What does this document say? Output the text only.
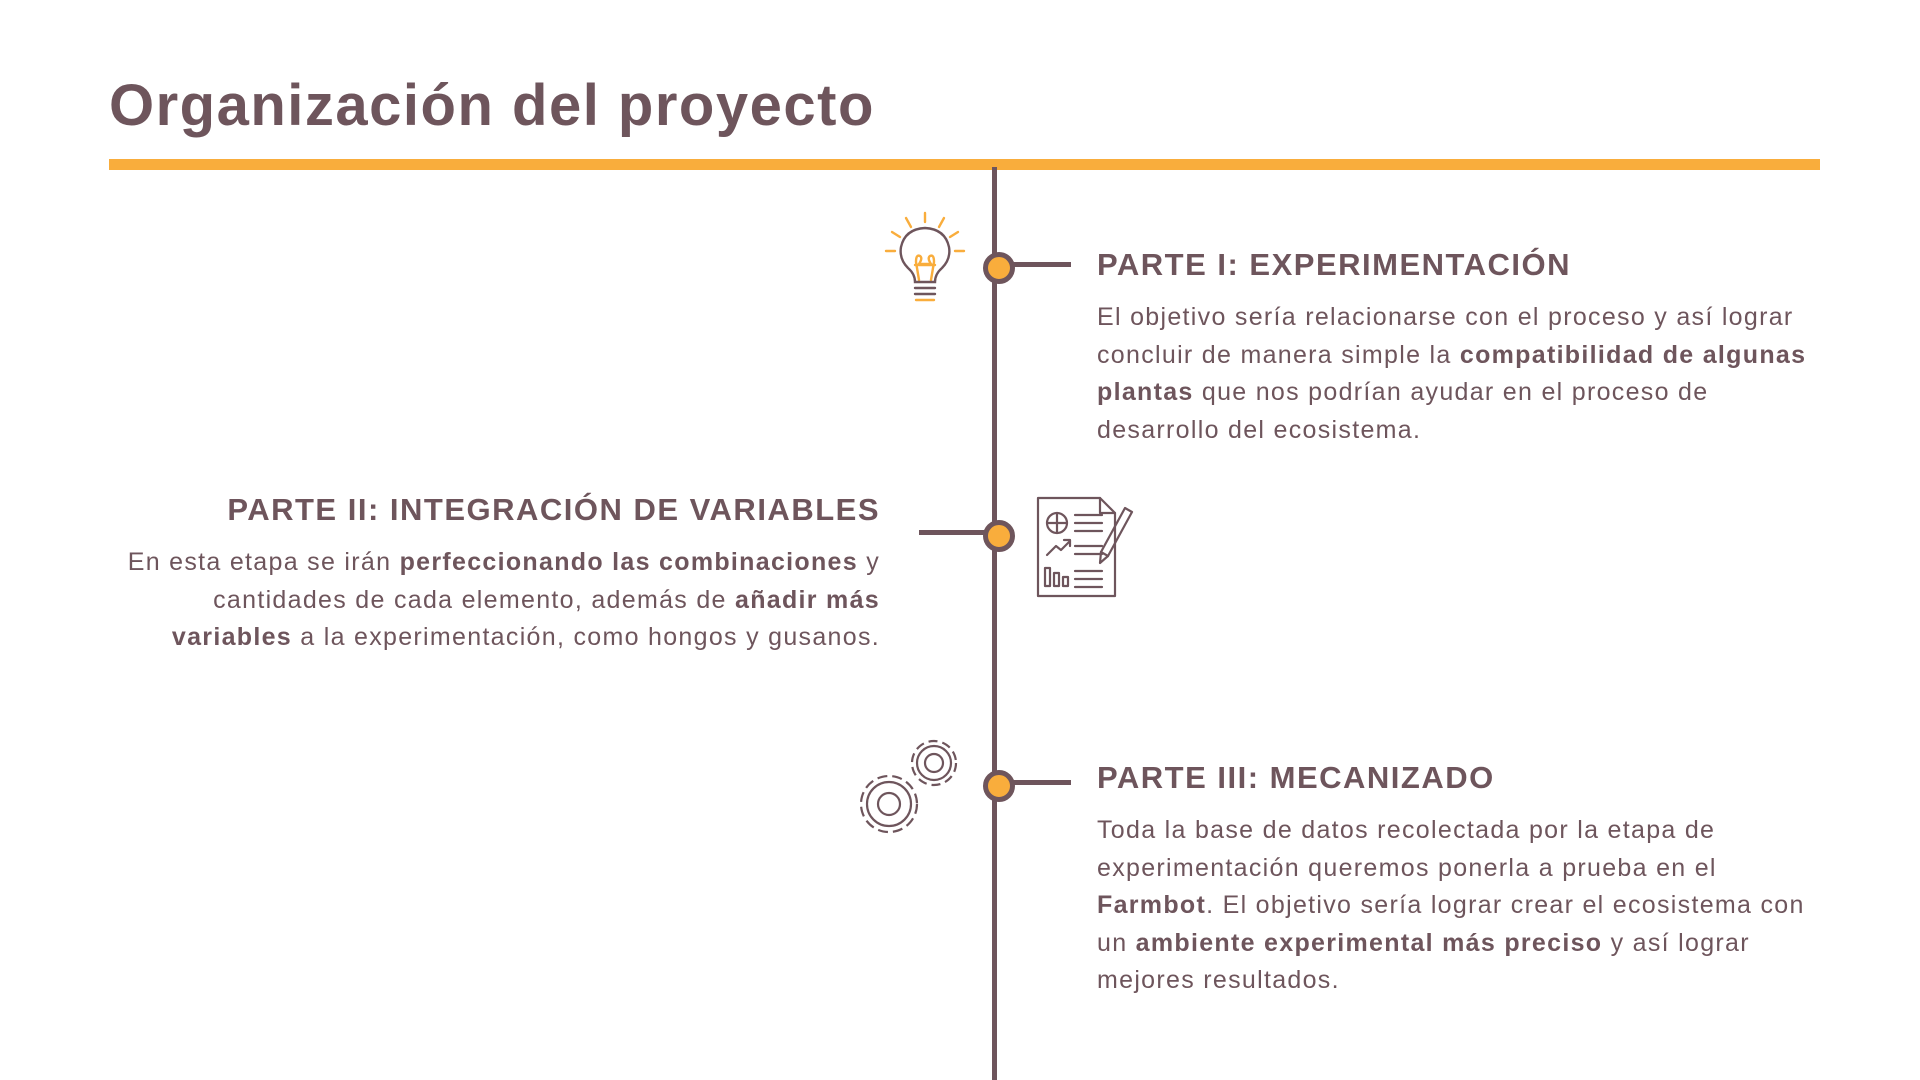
Organización del proyecto
PARTE I: EXPERIMENTACIÓN

El objetivo sería relacionarse con el proceso y así lograr concluir de manera simple la compatibilidad de algunas plantas que nos podrían ayudar en el proceso de desarrollo del ecosistema.

PARTE II: INTEGRACIÓN DE VARIABLES

En esta etapa se irán perfeccionando las combinaciones y cantidades de cada elemento, además de añadir más variables a la experimentación, como hongos y gusanos.

PARTE III: MECANIZADO

Toda la base de datos recolectada por la etapa de experimentación queremos ponerla a prueba en el Farmbot. El objetivo sería lograr crear el ecosistema con un ambiente experimental más preciso y así lograr mejores resultados.
